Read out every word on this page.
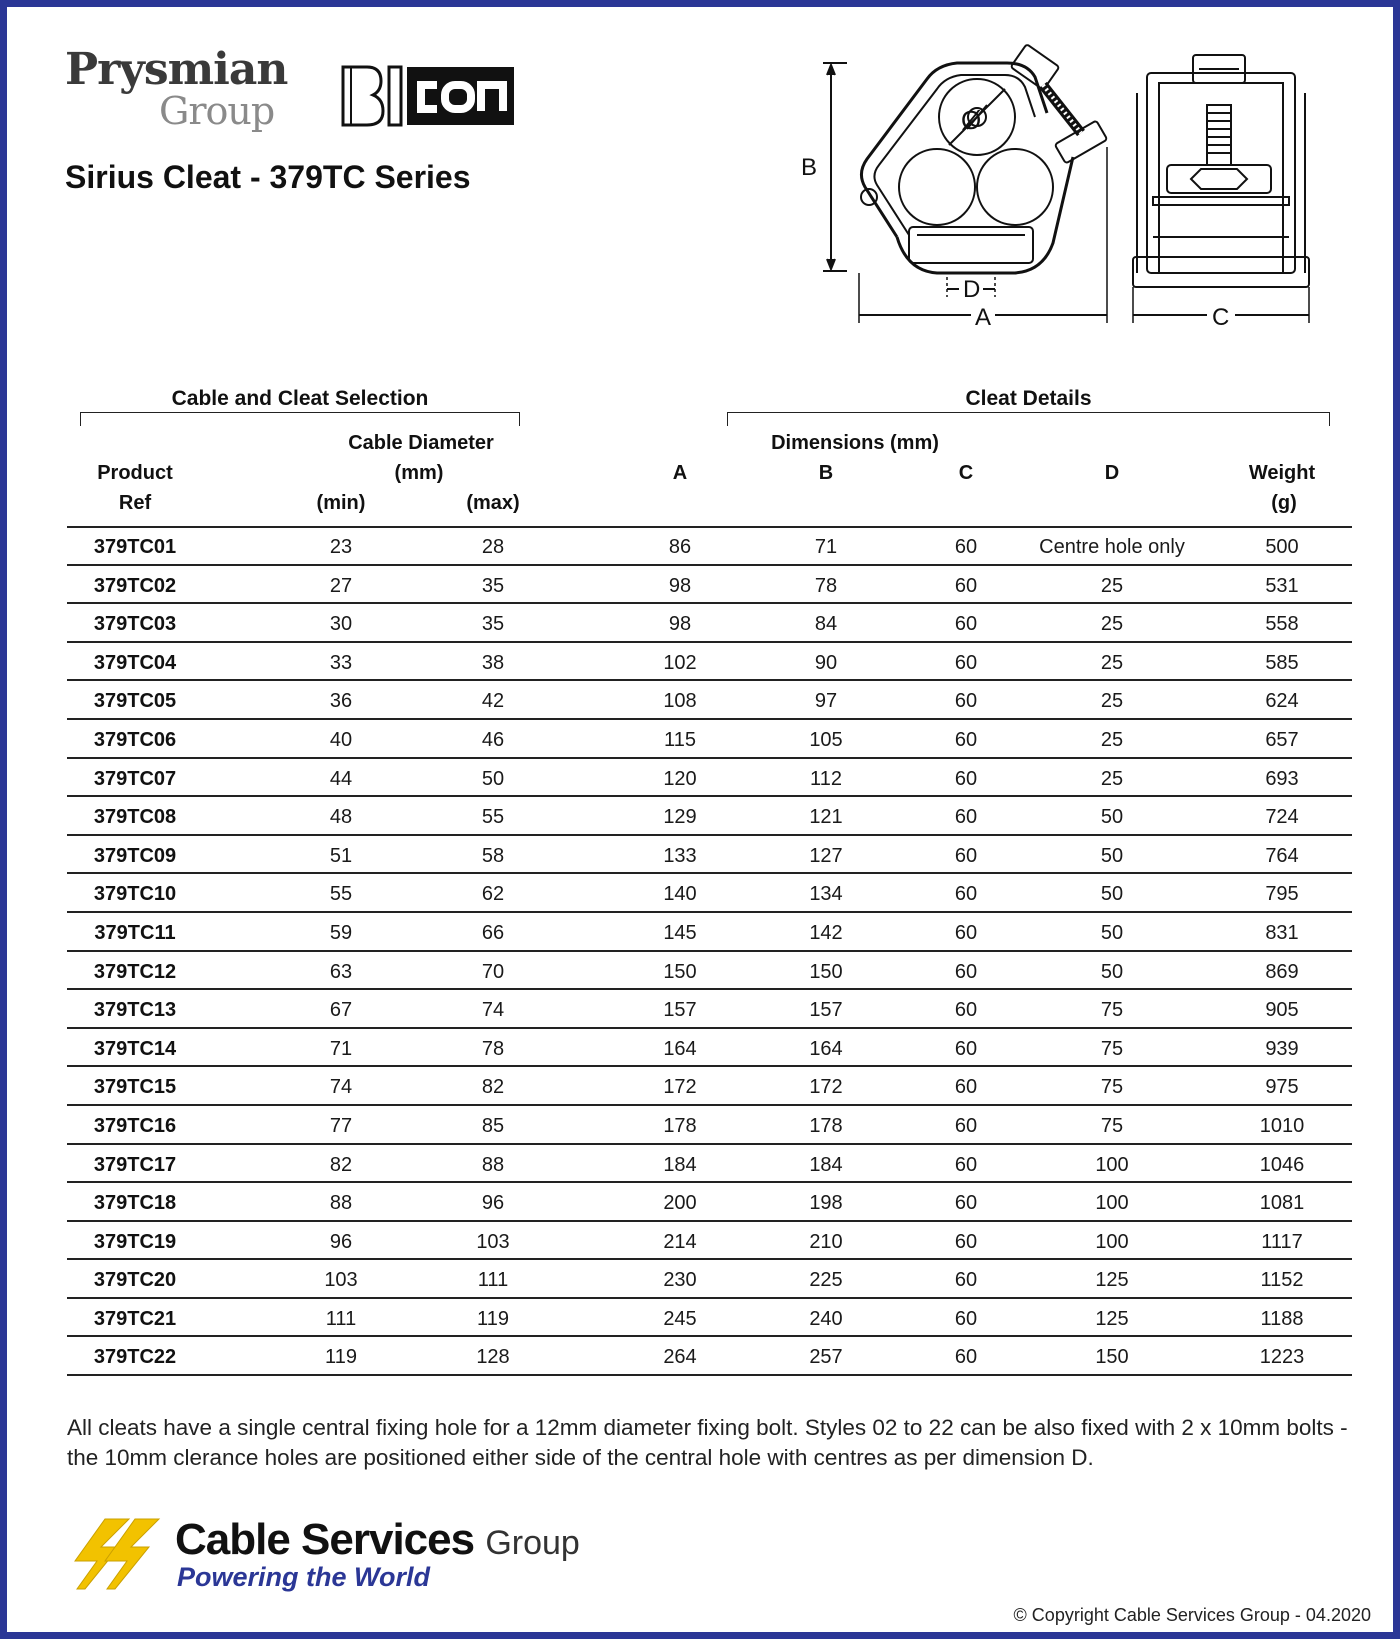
Prysmian
Group
Sirius Cleat - 379TC Series	B
D
A
Ø
C
Cable and Cleat Selection	Cleat Details
Product
Ref
Cable Diameter
(mm)
(min)	(max)
Dimensions (mm)
A	B	C	D	Weight
(g)
379TC01	23	28	86	71	60	Centre hole only	500
379TC02	27	35	98	78	60	25	531
379TC03	30	35	98	84	60	25	558
379TC04	33	38	102	90	60	25	585
379TC05	36	42	108	97	60	25	624
379TC06	40	46	115	105	60	25	657
379TC07	44	50	120	112	60	25	693
379TC08	48	55	129	121	60	50	724
379TC09	51	58	133	127	60	50	764
379TC10	55	62	140	134	60	50	795
379TC11	59	66	145	142	60	50	831
379TC12	63	70	150	150	60	50	869
379TC13	67	74	157	157	60	75	905
379TC14	71	78	164	164	60	75	939
379TC15	74	82	172	172	60	75	975
379TC16	77	85	178	178	60	75	1010
379TC17	82	88	184	184	60	100	1046
379TC18	88	96	200	198	60	100	1081
379TC19	96	103	214	210	60	100	1117
379TC20	103	111	230	225	60	125	1152
379TC21	111	119	245	240	60	125	1188
379TC22	119	128	264	257	60	150	1223
All cleats have a single central fixing hole for a 12mm diameter fixing bolt. Styles 02 to 22 can be also fixed with 2 x 10mm bolts - the 10mm clerance holes are positioned either side of the central hole with centres as per dimension D.
Cable Services Group
Powering the World
© Copyright Cable Services Group - 04.2020
